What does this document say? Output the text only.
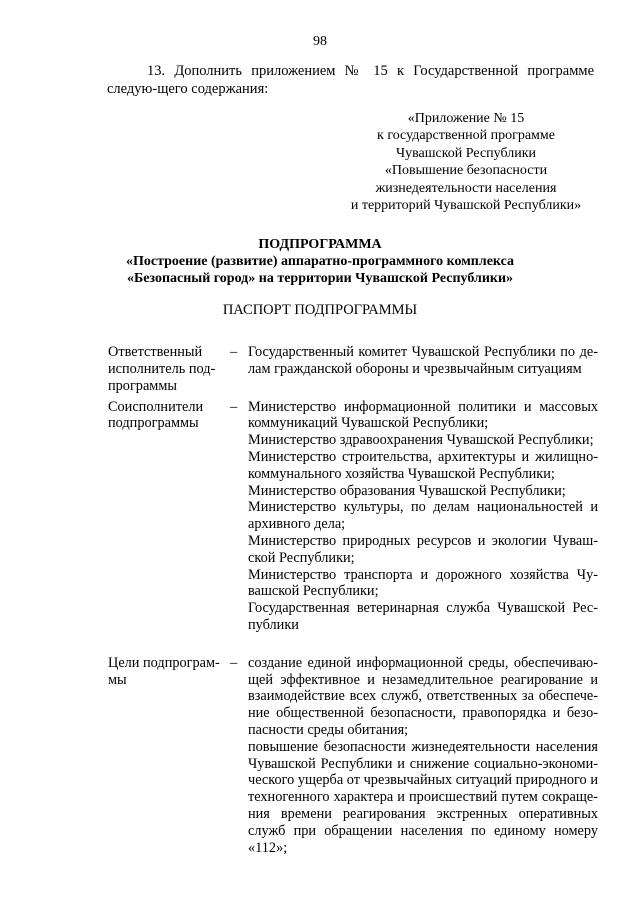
98
13. Дополнить приложением № 15 к Государственной программе следую-щего содержания:
«Приложение № 15
к государственной программе
Чувашской Республики
«Повышение безопасности
жизнедеятельности населения
и территорий Чувашской Республики»
ПОДПРОГРАММА
«Построение (развитие) аппаратно-программного комплекса
«Безопасный город» на территории Чувашской Республики»
ПАСПОРТ ПОДПРОГРАММЫ
Ответственный
исполнитель под-
программы
– Государственный комитет Чувашской Республики по де-лам гражданской обороны и чрезвычайным ситуациям

Соисполнители
подпрограммы
– Министерство информационной политики и массовых коммуникаций Чувашской Республики;

Министерство здравоохранения Чувашской Республики;

Министерство строительства, архитектуры и жилищно-коммунального хозяйства Чувашской Республики;

Министерство образования Чувашской Республики;

Министерство культуры, по делам национальностей и архивного дела;

Министерство природных ресурсов и экологии Чуваш-ской Республики;

Министерство транспорта и дорожного хозяйства Чу-вашской Республики;

Государственная ветеринарная служба Чувашской Рес-публики

Цели подпрограм-
мы
– создание единой информационной среды, обеспечиваю-щей эффективное и незамедлительное реагирование и взаимодействие всех служб, ответственных за обеспече-ние общественной безопасности, правопорядка и безо-пасности среды обитания;

повышение безопасности жизнедеятельности населения Чувашской Республики и снижение социально-экономи-ческого ущерба от чрезвычайных ситуаций природного и техногенного характера и происшествий путем сокраще-ния времени реагирования экстренных оперативных служб при обращении населения по единому номеру «112»;
